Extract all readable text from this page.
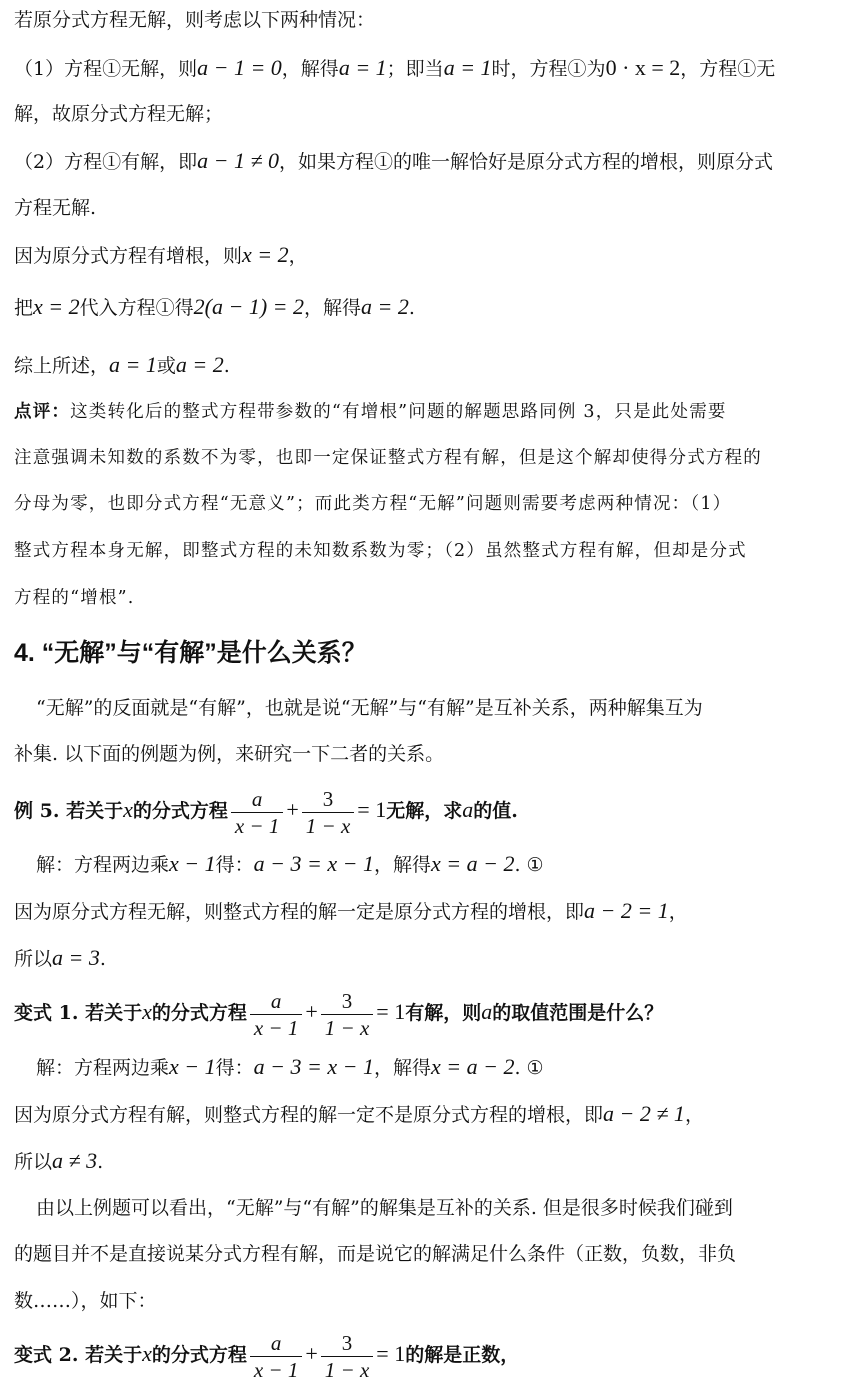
若原分式方程无解，则考虑以下两种情况：
（1）方程①无解，则a − 1 = 0，解得a = 1；即当a = 1时，方程①为0 · x = 2，方程①无
解，故原分式方程无解；
（2）方程①有解，即a − 1 ≠ 0，如果方程①的唯一解恰好是原分式方程的增根，则原分式
方程无解.
因为原分式方程有增根，则x = 2，
把x = 2代入方程①得2(a − 1) = 2，解得a = 2.
综上所述，a = 1或a = 2.
点评：这类转化后的整式方程带参数的“有增根”问题的解题思路同例 3，只是此处需要
注意强调未知数的系数不为零，也即一定保证整式方程有解，但是这个解却使得分式方程的
分母为零，也即分式方程“无意义”；而此类方程“无解”问题则需要考虑两种情况：（1）
整式方程本身无解，即整式方程的未知数系数为零；（2）虽然整式方程有解，但却是分式
方程的“增根”.
4. “无解”与“有解”是什么关系？
“无解”的反面就是“有解”，也就是说“无解”与“有解”是互补关系，两种解集互为
补集. 以下面的例题为例，来研究一下二者的关系。
例 5. 若关于x的分式方程 $\frac{a}{x - 1} + \frac{3}{1 - x} = 1$无解，求a的值.
解：方程两边乘x − 1得：a − 3 = x − 1，解得x = a − 2. ①
因为原分式方程无解，则整式方程的解一定是原分式方程的增根，即a − 2 = 1，
所以a = 3.
变式 1. 若关于x的分式方程 $\frac{a}{x - 1} + \frac{3}{1 - x} = 1$有解，则a的取值范围是什么？
解：方程两边乘x − 1得：a − 3 = x − 1，解得x = a − 2. ①
因为原分式方程有解，则整式方程的解一定不是原分式方程的增根，即a − 2 ≠ 1，
所以a ≠ 3.
由以上例题可以看出，“无解”与“有解”的解集是互补的关系. 但是很多时候我们碰到
的题目并不是直接说某分式方程有解，而是说它的解满足什么条件（正数，负数，非负
数……），如下：
变式 2. 若关于x的分式方程 $\frac{a}{x - 1} + \frac{3}{1 - x} = 1$的解是正数，
